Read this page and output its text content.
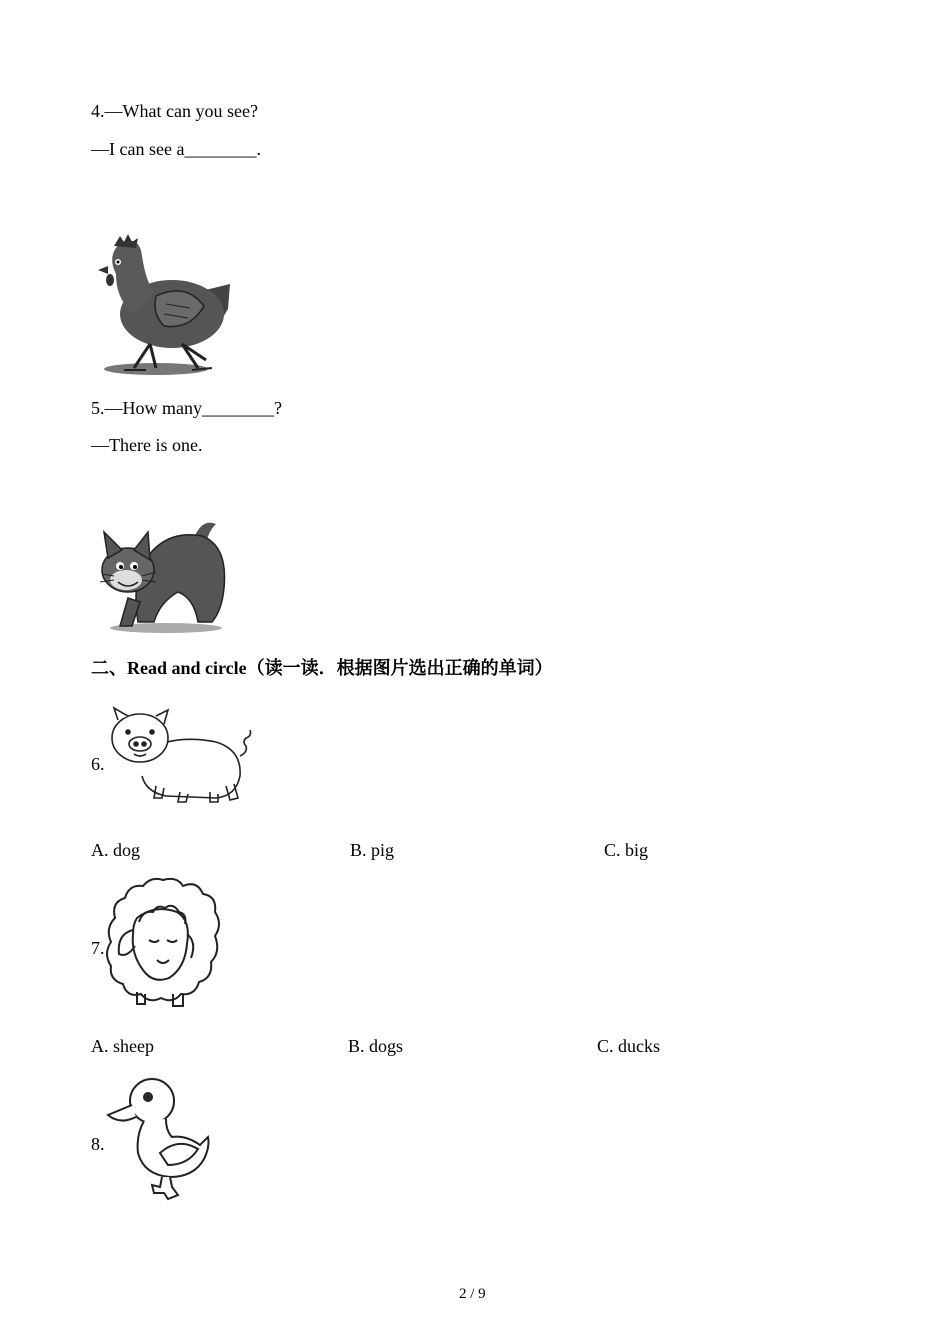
4.—What can you see?
—I can see a________.
5.—How many________?
—There is one.
二、Read and circle（读一读．根据图片选出正确的单词）
6.
A. dog	B. pig	C. big
7.
A. sheep	B. dogs	C. ducks
8.
2 / 9
